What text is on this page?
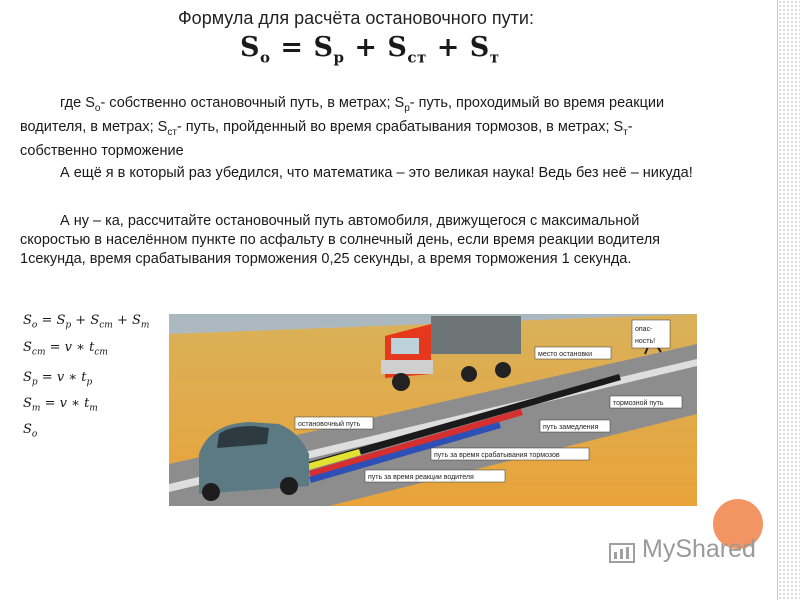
Формула для расчёта остановочного пути:
$S_о = S_р + S_{ст} + S_т$
где $S_о-$ собственно остановочный путь, в метрах; $S_р-$ путь, проходимый во время реакции водителя, в метрах; $S_{ст}-$ путь, пройденный во время срабатывания тормозов, в метрах; $S_т-$ собственно торможение
А ещё я в который раз убедился, что математика – это великая наука! Ведь без неё – никуда!
А ну – ка, рассчитайте остановочный путь автомобиля, движущегося с максимальной скоростью в населённом пункте по асфальту в солнечный день, если время реакции водителя 1секунда, время срабатывания торможения 0,25 секунды, а время торможения 1 секунда.
$S_о = S_р + S_{ст} + S_т$
$S_{ст} = v$ ∗ $t_{ст}$
$S_р = v$ ∗ $t_р$
$S_т = v$ ∗ $t_т$
$S_о$
опас-
ность!
место остановки
остановочный путь
тормозной путь
путь замедления
путь за время срабатывания тормозов
путь за время реакции водителя
MyShared
